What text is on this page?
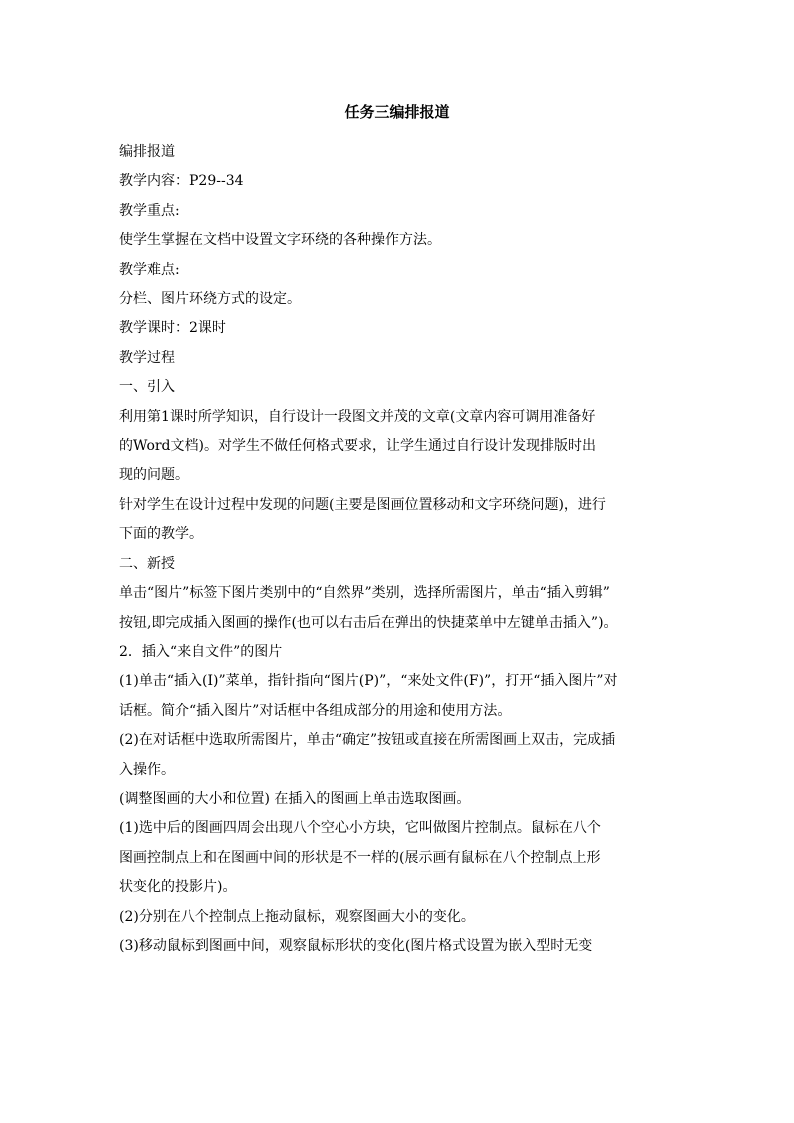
任务三编排报道

编排报道

教学内容：P29--34

教学重点:

使学生掌握在文档中设置文字环绕的各种操作方法。

教学难点:

分栏、图片环绕方式的设定。

教学课时：2课时

教学过程

一、引入

利用第1课时所学知识，自行设计一段图文并茂的文章(文章内容可调用准备好

的Word文档)。对学生不做任何格式要求，让学生通过自行设计发现排版时出

现的问题。

针对学生在设计过程中发现的问题(主要是图画位置移动和文字环绕问题)，进行

下面的教学。

二、新授

单击“图片”标签下图片类别中的“自然界”类别，选择所需图片，单击“插入剪辑”

按钮,即完成插入图画的操作(也可以右击后在弹出的快捷菜单中左键单击插入”)。

2．插入“来自文件”的图片

(1)单击“插入(I)”菜单，指针指向“图片(P)”，“来处文件(F)”，打开“插入图片”对

话框。简介“插入图片”对话框中各组成部分的用途和使用方法。

(2)在对话框中选取所需图片，单击“确定”按钮或直接在所需图画上双击，完成插

入操作。

(调整图画的大小和位置) 在插入的图画上单击选取图画。

(1)选中后的图画四周会出现八个空心小方块，它叫做图片控制点。鼠标在八个

图画控制点上和在图画中间的形状是不一样的(展示画有鼠标在八个控制点上形

状变化的投影片)。

(2)分别在八个控制点上拖动鼠标，观察图画大小的变化。

(3)移动鼠标到图画中间，观察鼠标形状的变化(图片格式设置为嵌入型时无变
